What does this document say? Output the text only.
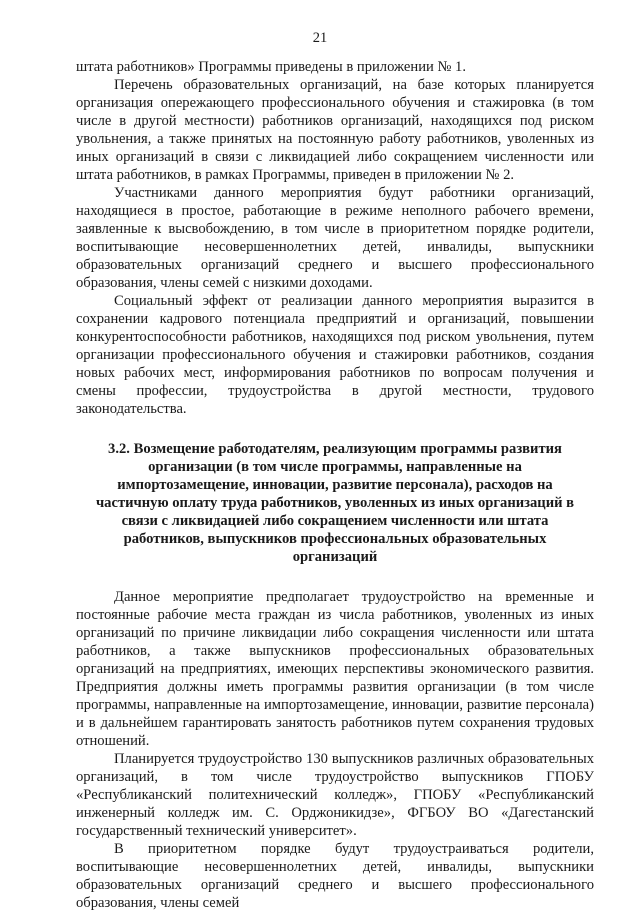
21

штата работников» Программы приведены в приложении № 1.

Перечень образовательных организаций, на базе которых планируется организация опережающего профессионального обучения и стажировка (в том числе в другой местности) работников организаций, находящихся под риском увольнения, а также принятых на постоянную работу работников, уволенных из иных организаций в связи с ликвидацией либо сокращением численности или штата работников, в рамках Программы, приведен в приложении № 2.

Участниками данного мероприятия будут работники организаций, находящиеся в простое, работающие в режиме неполного рабочего времени, заявленные к высвобождению, в том числе в приоритетном порядке родители, воспитывающие несовершеннолетних детей, инвалиды, выпускники образовательных организаций среднего и высшего профессионального образования, члены семей с низкими доходами.

Социальный эффект от реализации данного мероприятия выразится в сохранении кадрового потенциала предприятий и организаций, повышении конкурентоспособности работников, находящихся под риском увольнения, путем организации профессионального обучения и стажировки работников, создания новых рабочих мест, информирования работников по вопросам получения и смены профессии, трудоустройства в другой местности, трудового законодательства.

3.2. Возмещение работодателям, реализующим программы развития организации (в том числе программы, направленные на импортозамещение, инновации, развитие персонала), расходов на частичную оплату труда работников, уволенных из иных организаций в связи с ликвидацией либо сокращением численности или штата работников, выпускников профессиональных образовательных организаций

Данное мероприятие предполагает трудоустройство на временные и постоянные рабочие места граждан из числа работников, уволенных из иных организаций по причине ликвидации либо сокращения численности или штата работников, а также выпускников профессиональных образовательных организаций на предприятиях, имеющих перспективы экономического развития. Предприятия должны иметь программы развития организации (в том числе программы, направленные на импортозамещение, инновации, развитие персонала) и в дальнейшем гарантировать занятость работников путем сохранения трудовых отношений.

Планируется трудоустройство 130 выпускников различных образовательных организаций, в том числе трудоустройство выпускников ГПОБУ «Республиканский политехнический колледж», ГПОБУ «Республиканский инженерный колледж им. С. Орджоникидзе», ФГБОУ ВО «Дагестанский государственный технический университет».

В приоритетном порядке будут трудоустраиваться родители, воспитывающие несовершеннолетних детей, инвалиды, выпускники образовательных организаций среднего и высшего профессионального образования, члены семей
